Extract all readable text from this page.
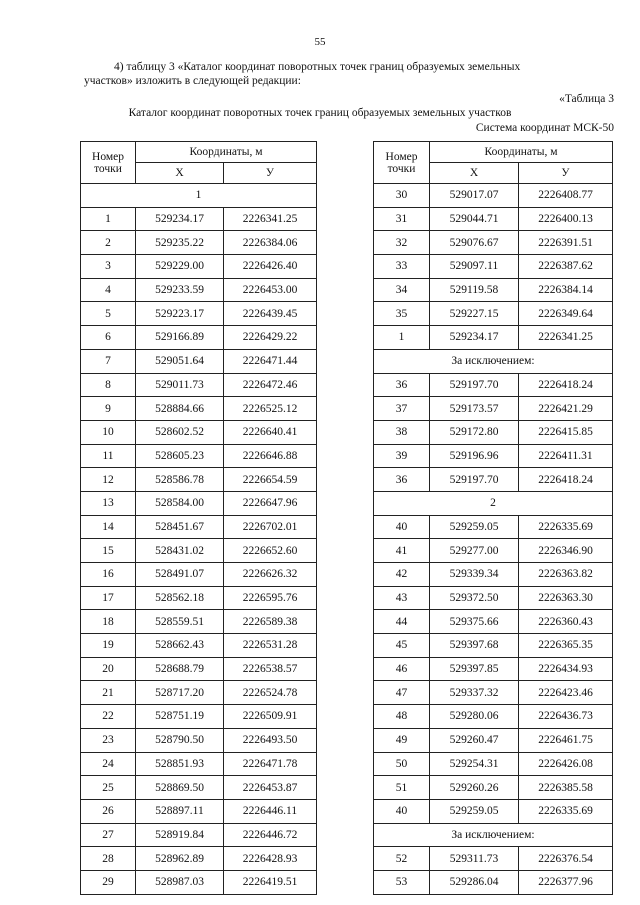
55
4) таблицу 3 «Каталог координат поворотных точек границ образуемых земельных
участков» изложить в следующей редакции:
«Таблица 3
Каталог координат поворотных точек границ образуемых земельных участков
Система координат МСК-50
Номер точки	Координаты, м	
	Х	У
1		
1	529234.17	2226341.25
2	529235.22	2226384.06
3	529229.00	2226426.40
4	529233.59	2226453.00
5	529223.17	2226439.45
6	529166.89	2226429.22
7	529051.64	2226471.44
8	529011.73	2226472.46
9	528884.66	2226525.12
10	528602.52	2226640.41
11	528605.23	2226646.88
12	528586.78	2226654.59
13	528584.00	2226647.96
14	528451.67	2226702.01
15	528431.02	2226652.60
16	528491.07	2226626.32
17	528562.18	2226595.76
18	528559.51	2226589.38
19	528662.43	2226531.28
20	528688.79	2226538.57
21	528717.20	2226524.78
22	528751.19	2226509.91
23	528790.50	2226493.50
24	528851.93	2226471.78
25	528869.50	2226453.87
26	528897.11	2226446.11
27	528919.84	2226446.72
28	528962.89	2226428.93
29	528987.03	2226419.51
Номер точки	Координаты, м	
	Х	У
30	529017.07	2226408.77
31	529044.71	2226400.13
32	529076.67	2226391.51
33	529097.11	2226387.62
34	529119.58	2226384.14
35	529227.15	2226349.64
1	529234.17	2226341.25
За исключением:		
36	529197.70	2226418.24
37	529173.57	2226421.29
38	529172.80	2226415.85
39	529196.96	2226411.31
36	529197.70	2226418.24
2		
40	529259.05	2226335.69
41	529277.00	2226346.90
42	529339.34	2226363.82
43	529372.50	2226363.30
44	529375.66	2226360.43
45	529397.68	2226365.35
46	529397.85	2226434.93
47	529337.32	2226423.46
48	529280.06	2226436.73
49	529260.47	2226461.75
50	529254.31	2226426.08
51	529260.26	2226385.58
40	529259.05	2226335.69
За исключением:		
52	529311.73	2226376.54
53	529286.04	2226377.96
